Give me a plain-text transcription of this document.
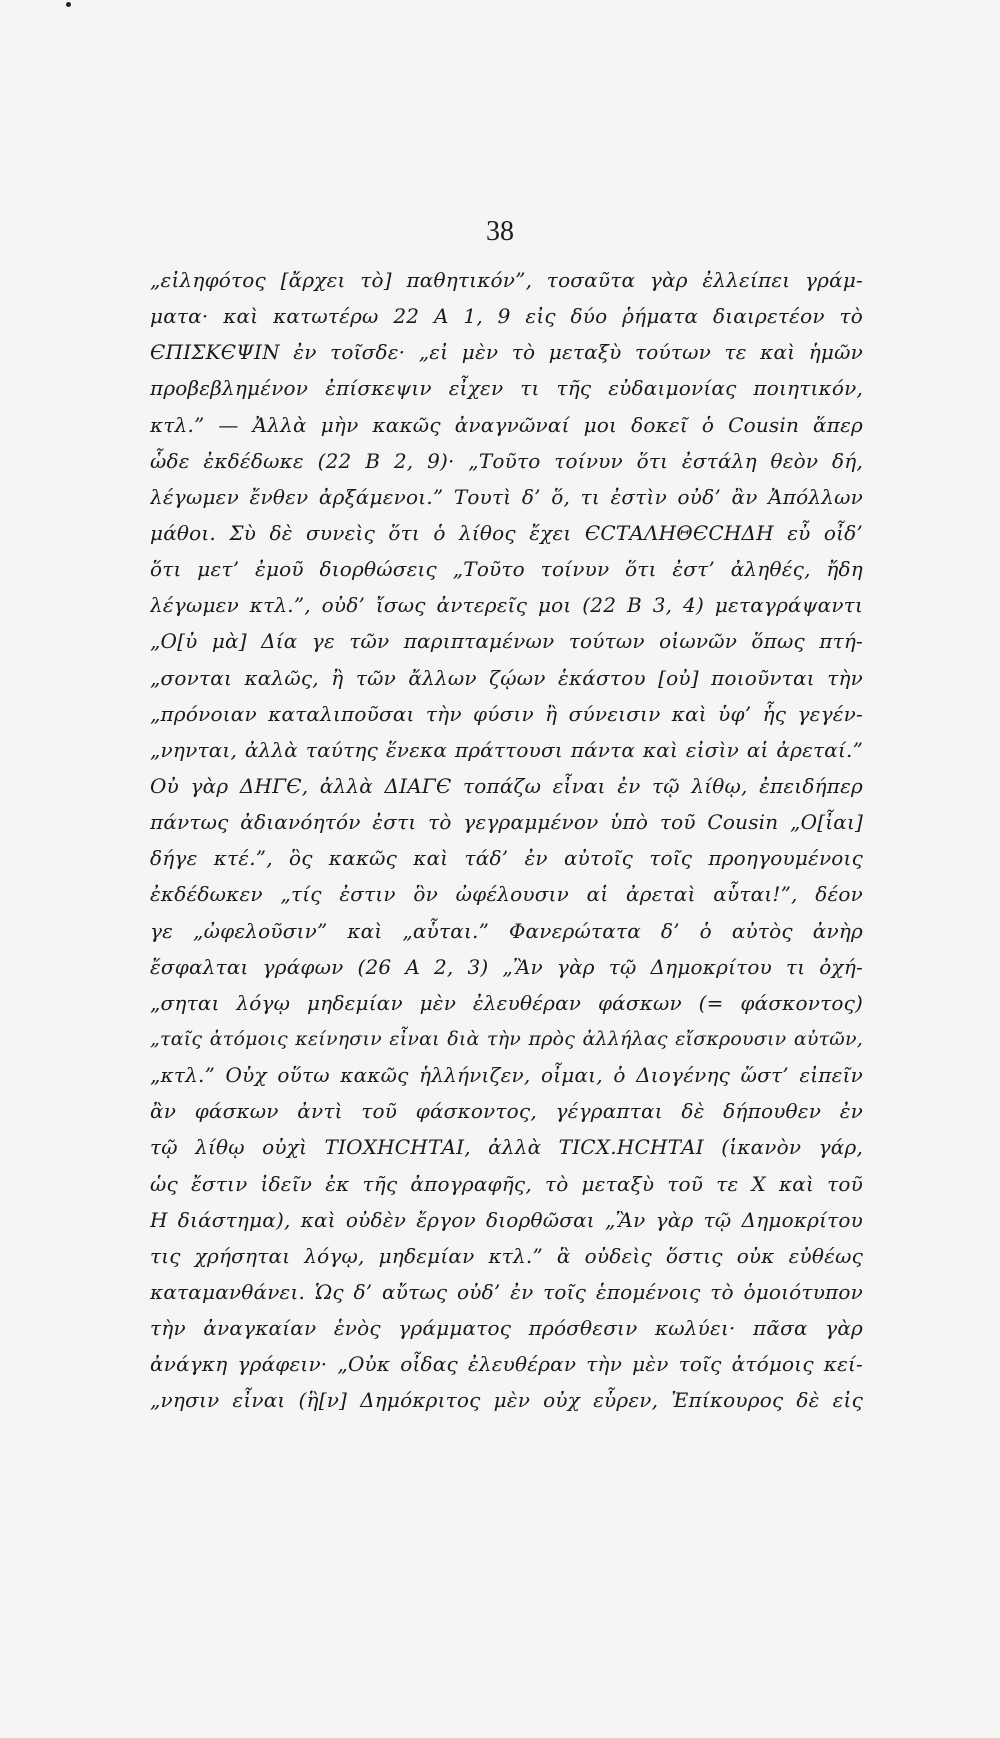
38
„εἰληφότος [ἄρχει τὸ] παθητικόν”, τοσαῦτα γὰρ ἐλλείπει γράμ-
ματα· καὶ κατωτέρω 22 A 1, 9 εἰς δύο ῥήματα διαιρετέον τὸ
ЄΠΙΣΚЄΨΙΝ ἐν τοῖσδε· „εἰ μὲν τὸ μεταξὺ τούτων τε καὶ ἡμῶν
προβεβλημένον ἐπίσκεψιν εἶχεν τι τῆς εὐδαιμονίας ποιητικόν,
κτλ.” — Ἀλλὰ μὴν κακῶς ἀναγνῶναί μοι δοκεῖ ὁ Cousin ἅπερ
ὧδε ἐκδέδωκε (22 B 2, 9)· „Τοῦτο τοίνυν ὅτι ἐστάλη θεὸν δή,
λέγωμεν ἔνθεν ἀρξάμενοι.” Τουτὶ δ’ ὅ, τι ἐστὶν οὐδ’ ἂν Ἀπόλλων
μάθοι. Σὺ δὲ συνεὶς ὅτι ὁ λίθος ἔχει ЄCΤΑΛΗΘЄCΗΔΗ εὖ οἶδ’
ὅτι μετ’ ἐμοῦ διορθώσεις „Τοῦτο τοίνυν ὅτι ἐστ’ ἀληθές, ἤδη
λέγωμεν κτλ.”, οὐδ’ ἴσως ἀντερεῖς μοι (22 B 3, 4) μεταγράψαντι
„Ο[ὐ μὰ] Δία γε τῶν παριπταμένων τούτων οἰωνῶν ὅπως πτή-
„σονται καλῶς, ἢ τῶν ἄλλων ζῴων ἑκάστου [οὐ] ποιοῦνται τὴν
„πρόνοιαν καταλιποῦσαι τὴν φύσιν ἢ σύνεισιν καὶ ὑφ’ ἧς γεγέν-
„νηνται, ἀλλὰ ταύτης ἕνεκα πράττουσι πάντα καὶ εἰσὶν αἱ ἀρεταί.”
Οὐ γὰρ ΔΗΓЄ, ἀλλὰ ΔΙΑΓЄ τοπάζω εἶναι ἐν τῷ λίθῳ, ἐπειδήπερ
πάντως ἀδιανόητόν ἐστι τὸ γεγραμμένον ὑπὸ τοῦ Cousin „Ο[ἶαι]
δήγε κτέ.”, ὃς κακῶς καὶ τάδ’ ἐν αὐτοῖς τοῖς προηγουμένοις
ἐκδέδωκεν „τίς ἐστιν ὃν ὠφέλουσιν αἱ ἀρεταὶ αὗται!”, δέον
γε „ὠφελοῦσιν” καὶ „αὗται.” Φανερώτατα δ’ ὁ αὐτὸς ἀνὴρ
ἔσφαλται γράφων (26 A 2, 3) „Ἂν γὰρ τῷ Δημοκρίτου τι ὀχή-
„σηται λόγῳ μηδεμίαν μὲν ἐλευθέραν φάσκων (= φάσκοντος)
„ταῖς ἀτόμοις κείνησιν εἶναι διὰ τὴν πρὸς ἀλλήλας εἴσκρουσιν αὐτῶν,
„κτλ.” Οὐχ οὕτω κακῶς ἡλλήνιζεν, οἶμαι, ὁ Διογένης ὥστ’ εἰπεῖν
ἂν φάσκων ἀντὶ τοῦ φάσκοντος, γέγραπται δὲ δήπουθεν ἐν
τῷ λίθῳ οὐχὶ ΤΙΟΧΗCΗΤΑΙ, ἀλλὰ ΤΙCΧ.ΗCΗΤΑΙ (ἱκανὸν γάρ,
ὡς ἔστιν ἰδεῖν ἐκ τῆς ἀπογραφῆς, τὸ μεταξὺ τοῦ τε Χ καὶ τοῦ
Η διάστημα), καὶ οὐδὲν ἔργον διορθῶσαι „Ἂν γὰρ τῷ Δημοκρίτου
τις χρήσηται λόγῳ, μηδεμίαν κτλ.” ἃ οὐδεὶς ὅστις οὐκ εὐθέως
καταμανθάνει. Ὡς δ’ αὔτως οὐδ’ ἐν τοῖς ἑπομένοις τὸ ὁμοιότυπον
τὴν ἀναγκαίαν ἑνὸς γράμματος πρόσθεσιν κωλύει· πᾶσα γὰρ
ἀνάγκη γράφειν· „Οὐκ οἶδας ἐλευθέραν τὴν μὲν τοῖς ἀτόμοις κεί-
„νησιν εἶναι (ἣ[ν] Δημόκριτος μὲν οὐχ εὗρεν, Ἐπίκουρος δὲ εἰς
